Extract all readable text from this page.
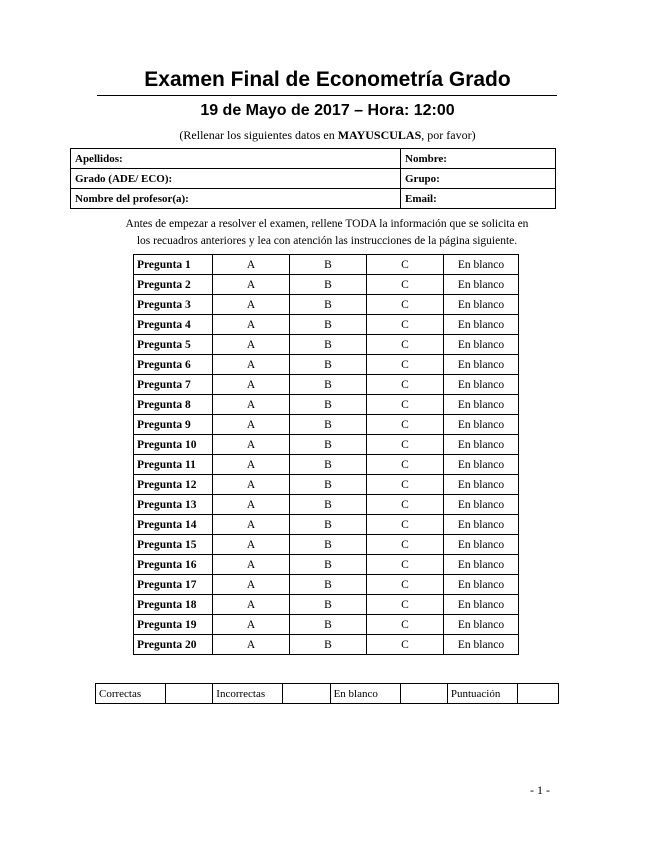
Examen Final de Econometría Grado
19 de Mayo de 2017 – Hora: 12:00
(Rellenar los siguientes datos en MAYUSCULAS, por favor)
Apellidos:	Nombre:
Grado (ADE/ ECO):	Grupo:
Nombre del profesor(a):	Email:
Antes de empezar a resolver el examen, rellene TODA la información que se solicita en
los recuadros anteriores y lea con atención las instrucciones de la página siguiente.
Pregunta 1	A	B	C	En blanco
Pregunta 2	A	B	C	En blanco
Pregunta 3	A	B	C	En blanco
Pregunta 4	A	B	C	En blanco
Pregunta 5	A	B	C	En blanco
Pregunta 6	A	B	C	En blanco
Pregunta 7	A	B	C	En blanco
Pregunta 8	A	B	C	En blanco
Pregunta 9	A	B	C	En blanco
Pregunta 10	A	B	C	En blanco
Pregunta 11	A	B	C	En blanco
Pregunta 12	A	B	C	En blanco
Pregunta 13	A	B	C	En blanco
Pregunta 14	A	B	C	En blanco
Pregunta 15	A	B	C	En blanco
Pregunta 16	A	B	C	En blanco
Pregunta 17	A	B	C	En blanco
Pregunta 18	A	B	C	En blanco
Pregunta 19	A	B	C	En blanco
Pregunta 20	A	B	C	En blanco
Correctas		Incorrectas		En blanco		Puntuación	
- 1 -
